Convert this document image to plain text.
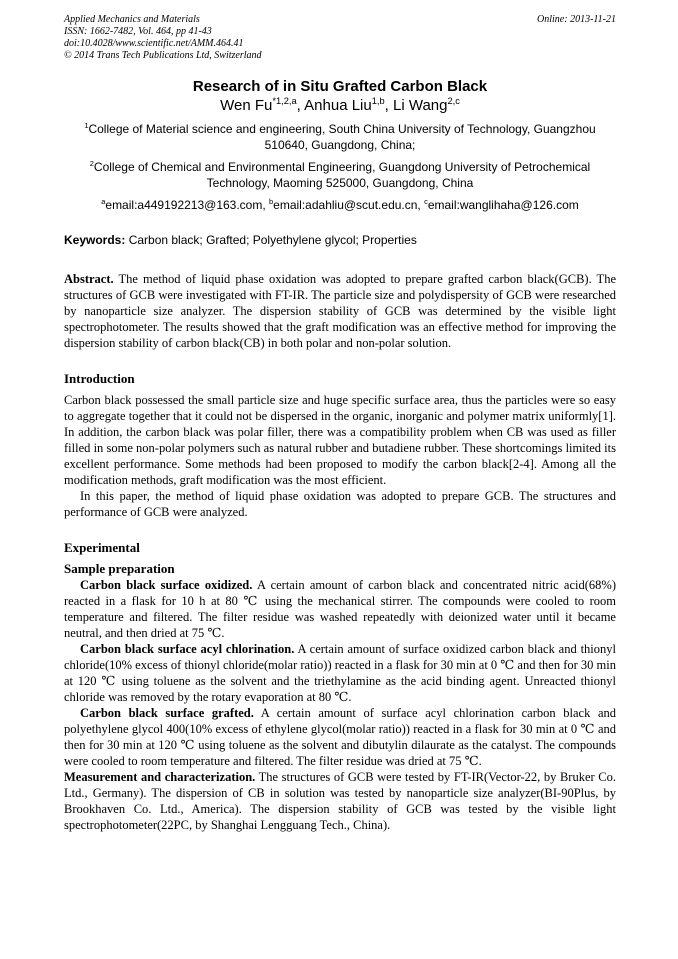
Applied Mechanics and Materials
ISSN: 1662-7482, Vol. 464, pp 41-43
doi:10.4028/www.scientific.net/AMM.464.41
© 2014 Trans Tech Publications Ltd, Switzerland
Online: 2013-11-21
Research of in Situ Grafted Carbon Black
Wen Fu$^{*1,2,a}$, Anhua Liu$^{1,b}$, Li Wang$^{2,c}$
$^1$College of Material science and engineering, South China University of Technology, Guangzhou 510640, Guangdong, China;
$^2$College of Chemical and Environmental Engineering, Guangdong University of Petrochemical Technology, Maoming 525000, Guangdong, China
$^a$email:a449192213@163.com, $^b$email:adahliu@scut.edu.cn, $^c$email:wanglihaha@126.com
Keywords: Carbon black; Grafted; Polyethylene glycol; Properties
Abstract. The method of liquid phase oxidation was adopted to prepare grafted carbon black(GCB). The structures of GCB were investigated with FT-IR. The particle size and polydispersity of GCB were researched by nanoparticle size analyzer. The dispersion stability of GCB was determined by the visible light spectrophotometer. The results showed that the graft modification was an effective method for improving the dispersion stability of carbon black(CB) in both polar and non-polar solution.
Introduction

Carbon black possessed the small particle size and huge specific surface area, thus the particles were so easy to aggregate together that it could not be dispersed in the organic, inorganic and polymer matrix uniformly[1]. In addition, the carbon black was polar filler, there was a compatibility problem when CB was used as filler filled in some non-polar polymers such as natural rubber and butadiene rubber. These shortcomings limited its excellent performance. Some methods had been proposed to modify the carbon black[2-4]. Among all the modification methods, graft modification was the most efficient.

In this paper, the method of liquid phase oxidation was adopted to prepare GCB. The structures and performance of GCB were analyzed.

Experimental
Sample preparation

Carbon black surface oxidized. A certain amount of carbon black and concentrated nitric acid(68%) reacted in a flask for 10 h at 80 ℃ using the mechanical stirrer. The compounds were cooled to room temperature and filtered. The filter residue was washed repeatedly with deionized water until it became neutral, and then dried at 75 ℃.

Carbon black surface acyl chlorination. A certain amount of surface oxidized carbon black and thionyl chloride(10% excess of thionyl chloride(molar ratio)) reacted in a flask for 30 min at 0 ℃ and then for 30 min at 120 ℃ using toluene as the solvent and the triethylamine as the acid binding agent. Unreacted thionyl chloride was removed by the rotary evaporation at 80 ℃.

Carbon black surface grafted. A certain amount of surface acyl chlorination carbon black and polyethylene glycol 400(10% excess of ethylene glycol(molar ratio)) reacted in a flask for 30 min at 0 ℃ and then for 30 min at 120 ℃ using toluene as the solvent and dibutylin dilaurate as the catalyst. The compounds were cooled to room temperature and filtered. The filter residue was dried at 75 ℃.

Measurement and characterization. The structures of GCB were tested by FT-IR(Vector-22, by Bruker Co. Ltd., Germany). The dispersion of CB in solution was tested by nanoparticle size analyzer(BI-90Plus, by Brookhaven Co. Ltd., America). The dispersion stability of GCB was tested by the visible light spectrophotometer(22PC, by Shanghai Lengguang Tech., China).
